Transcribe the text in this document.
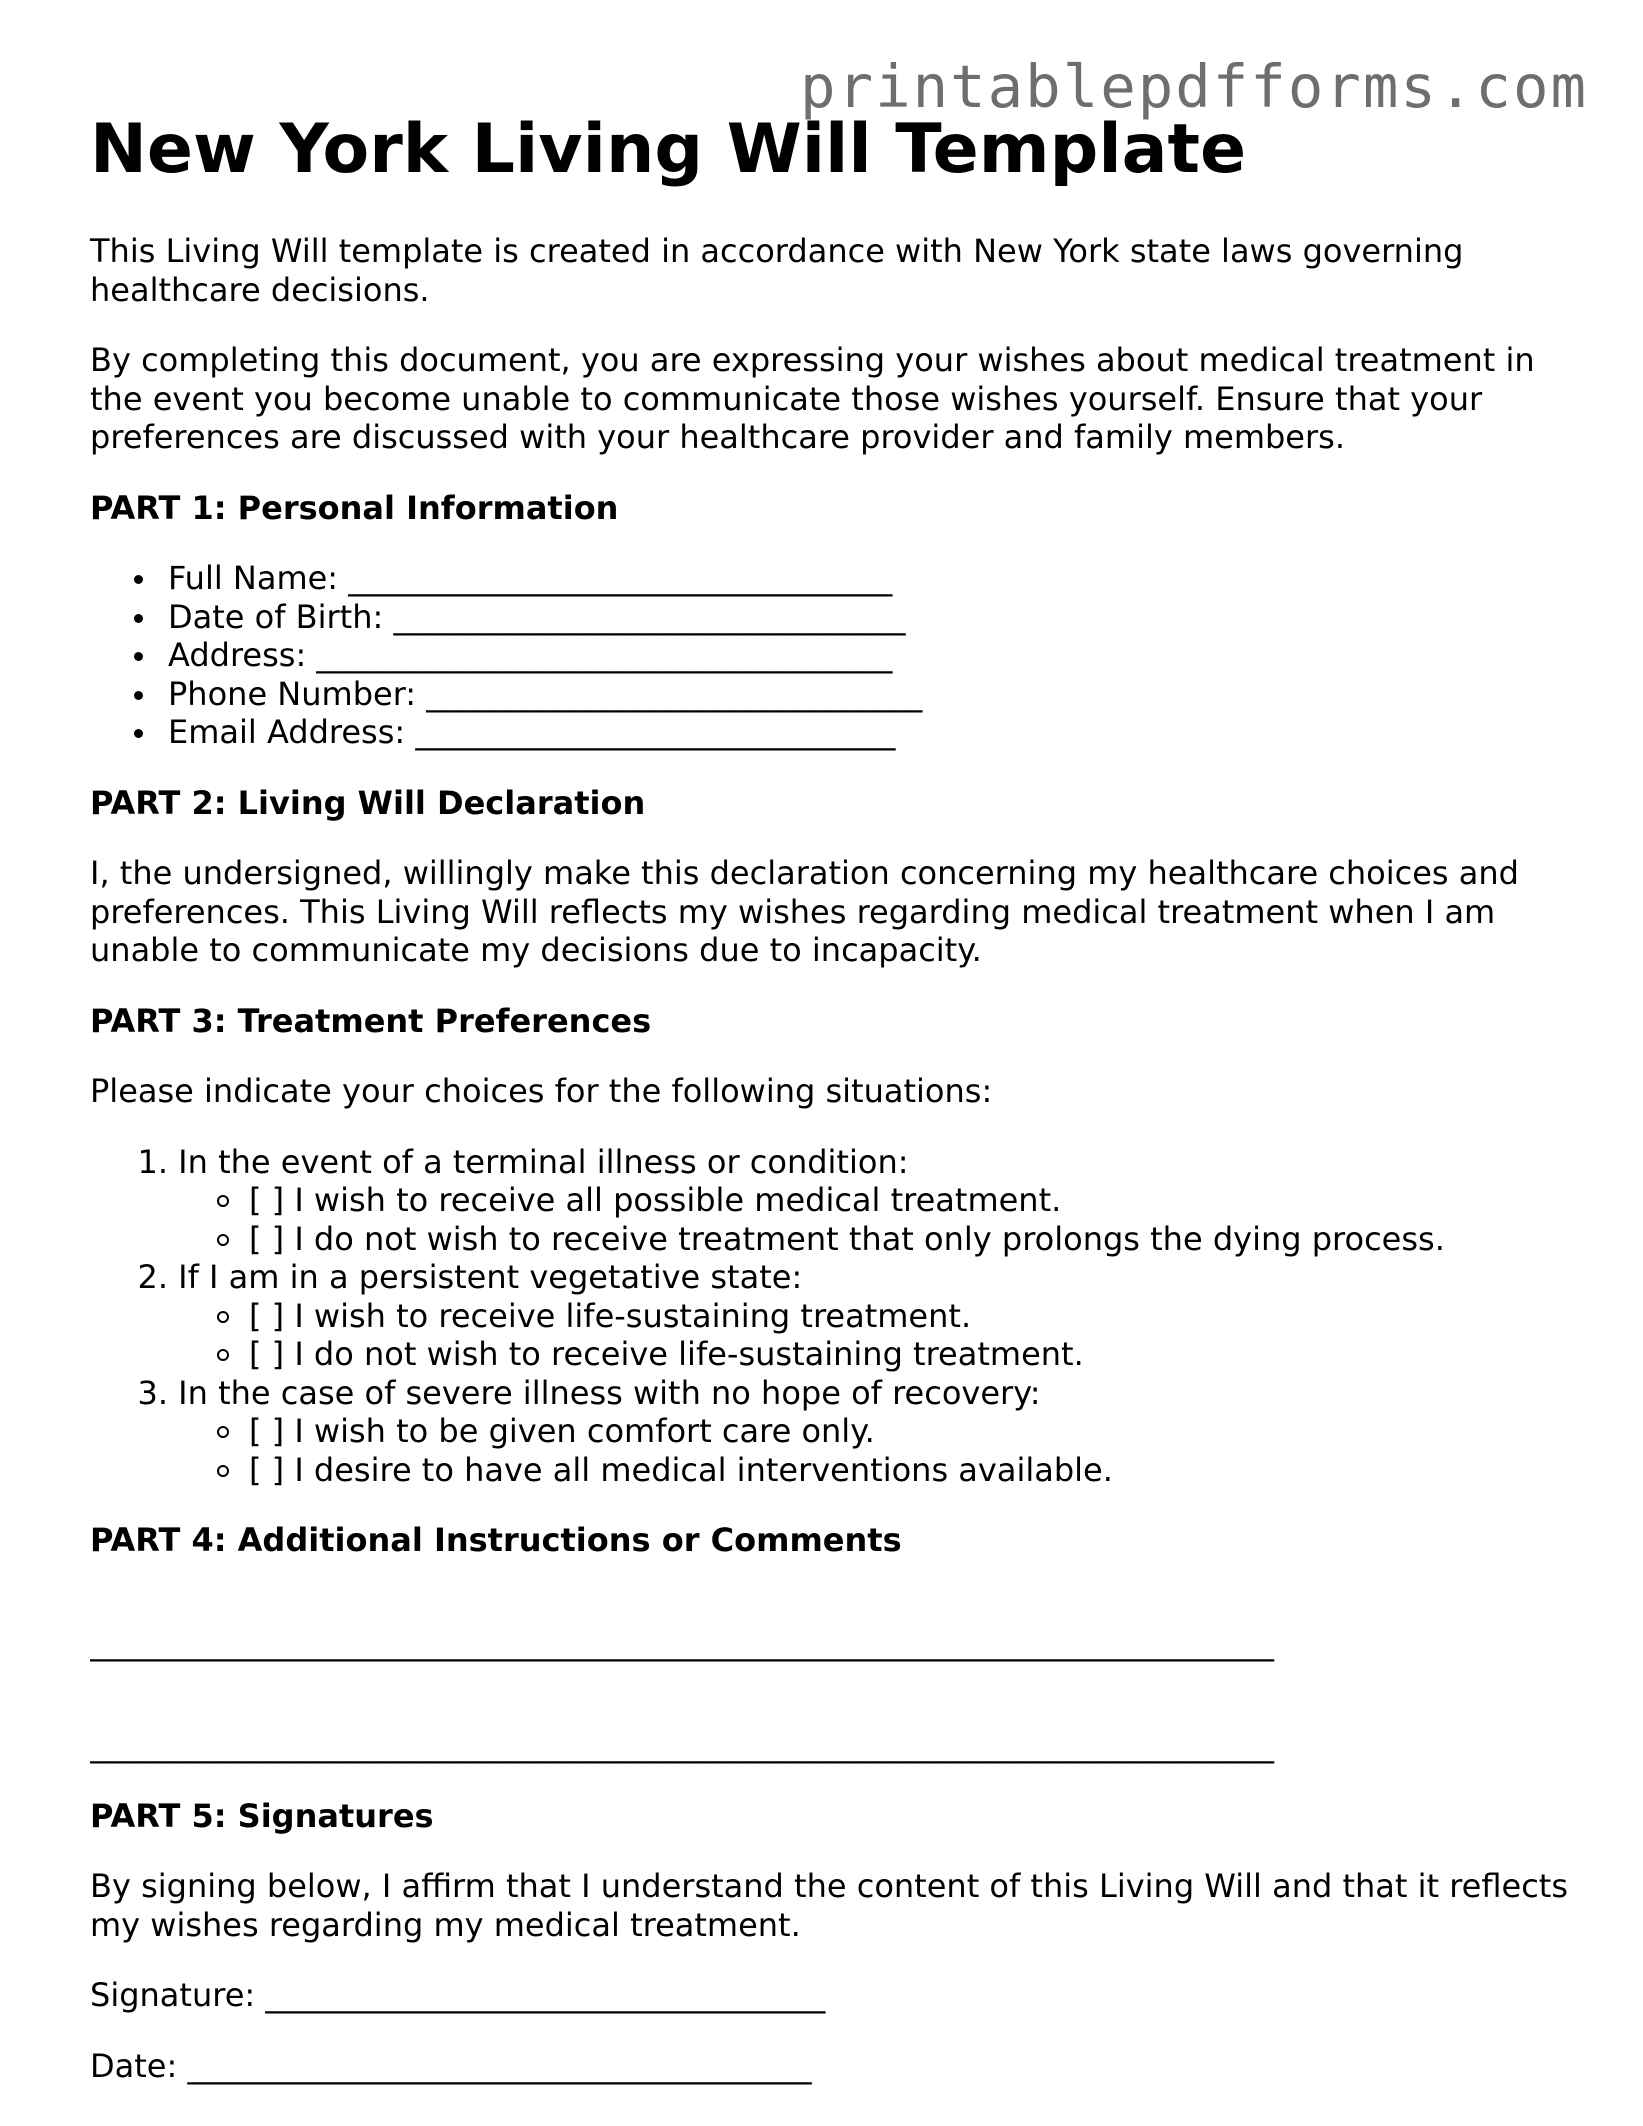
printablepdfforms.com
New York Living Will Template

This Living Will template is created in accordance with New York state laws governing healthcare decisions.

By completing this document, you are expressing your wishes about medical treatment in the event you become unable to communicate those wishes yourself. Ensure that your preferences are discussed with your healthcare provider and family members.

PART 1: Personal Information
Full Name: __________________________________
Date of Birth: ________________________________
Address: ____________________________________
Phone Number: _______________________________
Email Address: ______________________________
PART 2: Living Will Declaration

I, the undersigned, willingly make this declaration concerning my healthcare choices and preferences. This Living Will reflects my wishes regarding medical treatment when I am unable to communicate my decisions due to incapacity.

PART 3: Treatment Preferences

Please indicate your choices for the following situations:

1. In the event of a terminal illness or condition:
[ ] I wish to receive all possible medical treatment.
[ ] I do not wish to receive treatment that only prolongs the dying process.
2. If I am in a persistent vegetative state:
[ ] I wish to receive life-sustaining treatment.
[ ] I do not wish to receive life-sustaining treatment.
3. In the case of severe illness with no hope of recovery:
[ ] I wish to be given comfort care only.
[ ] I desire to have all medical interventions available.
PART 4: Additional Instructions or Comments
__________________________________________________________________________
__________________________________________________________________________
PART 5: Signatures

By signing below, I affirm that I understand the content of this Living Will and that it reflects my wishes regarding my medical treatment.

Signature: ___________________________________
Date: _______________________________________
